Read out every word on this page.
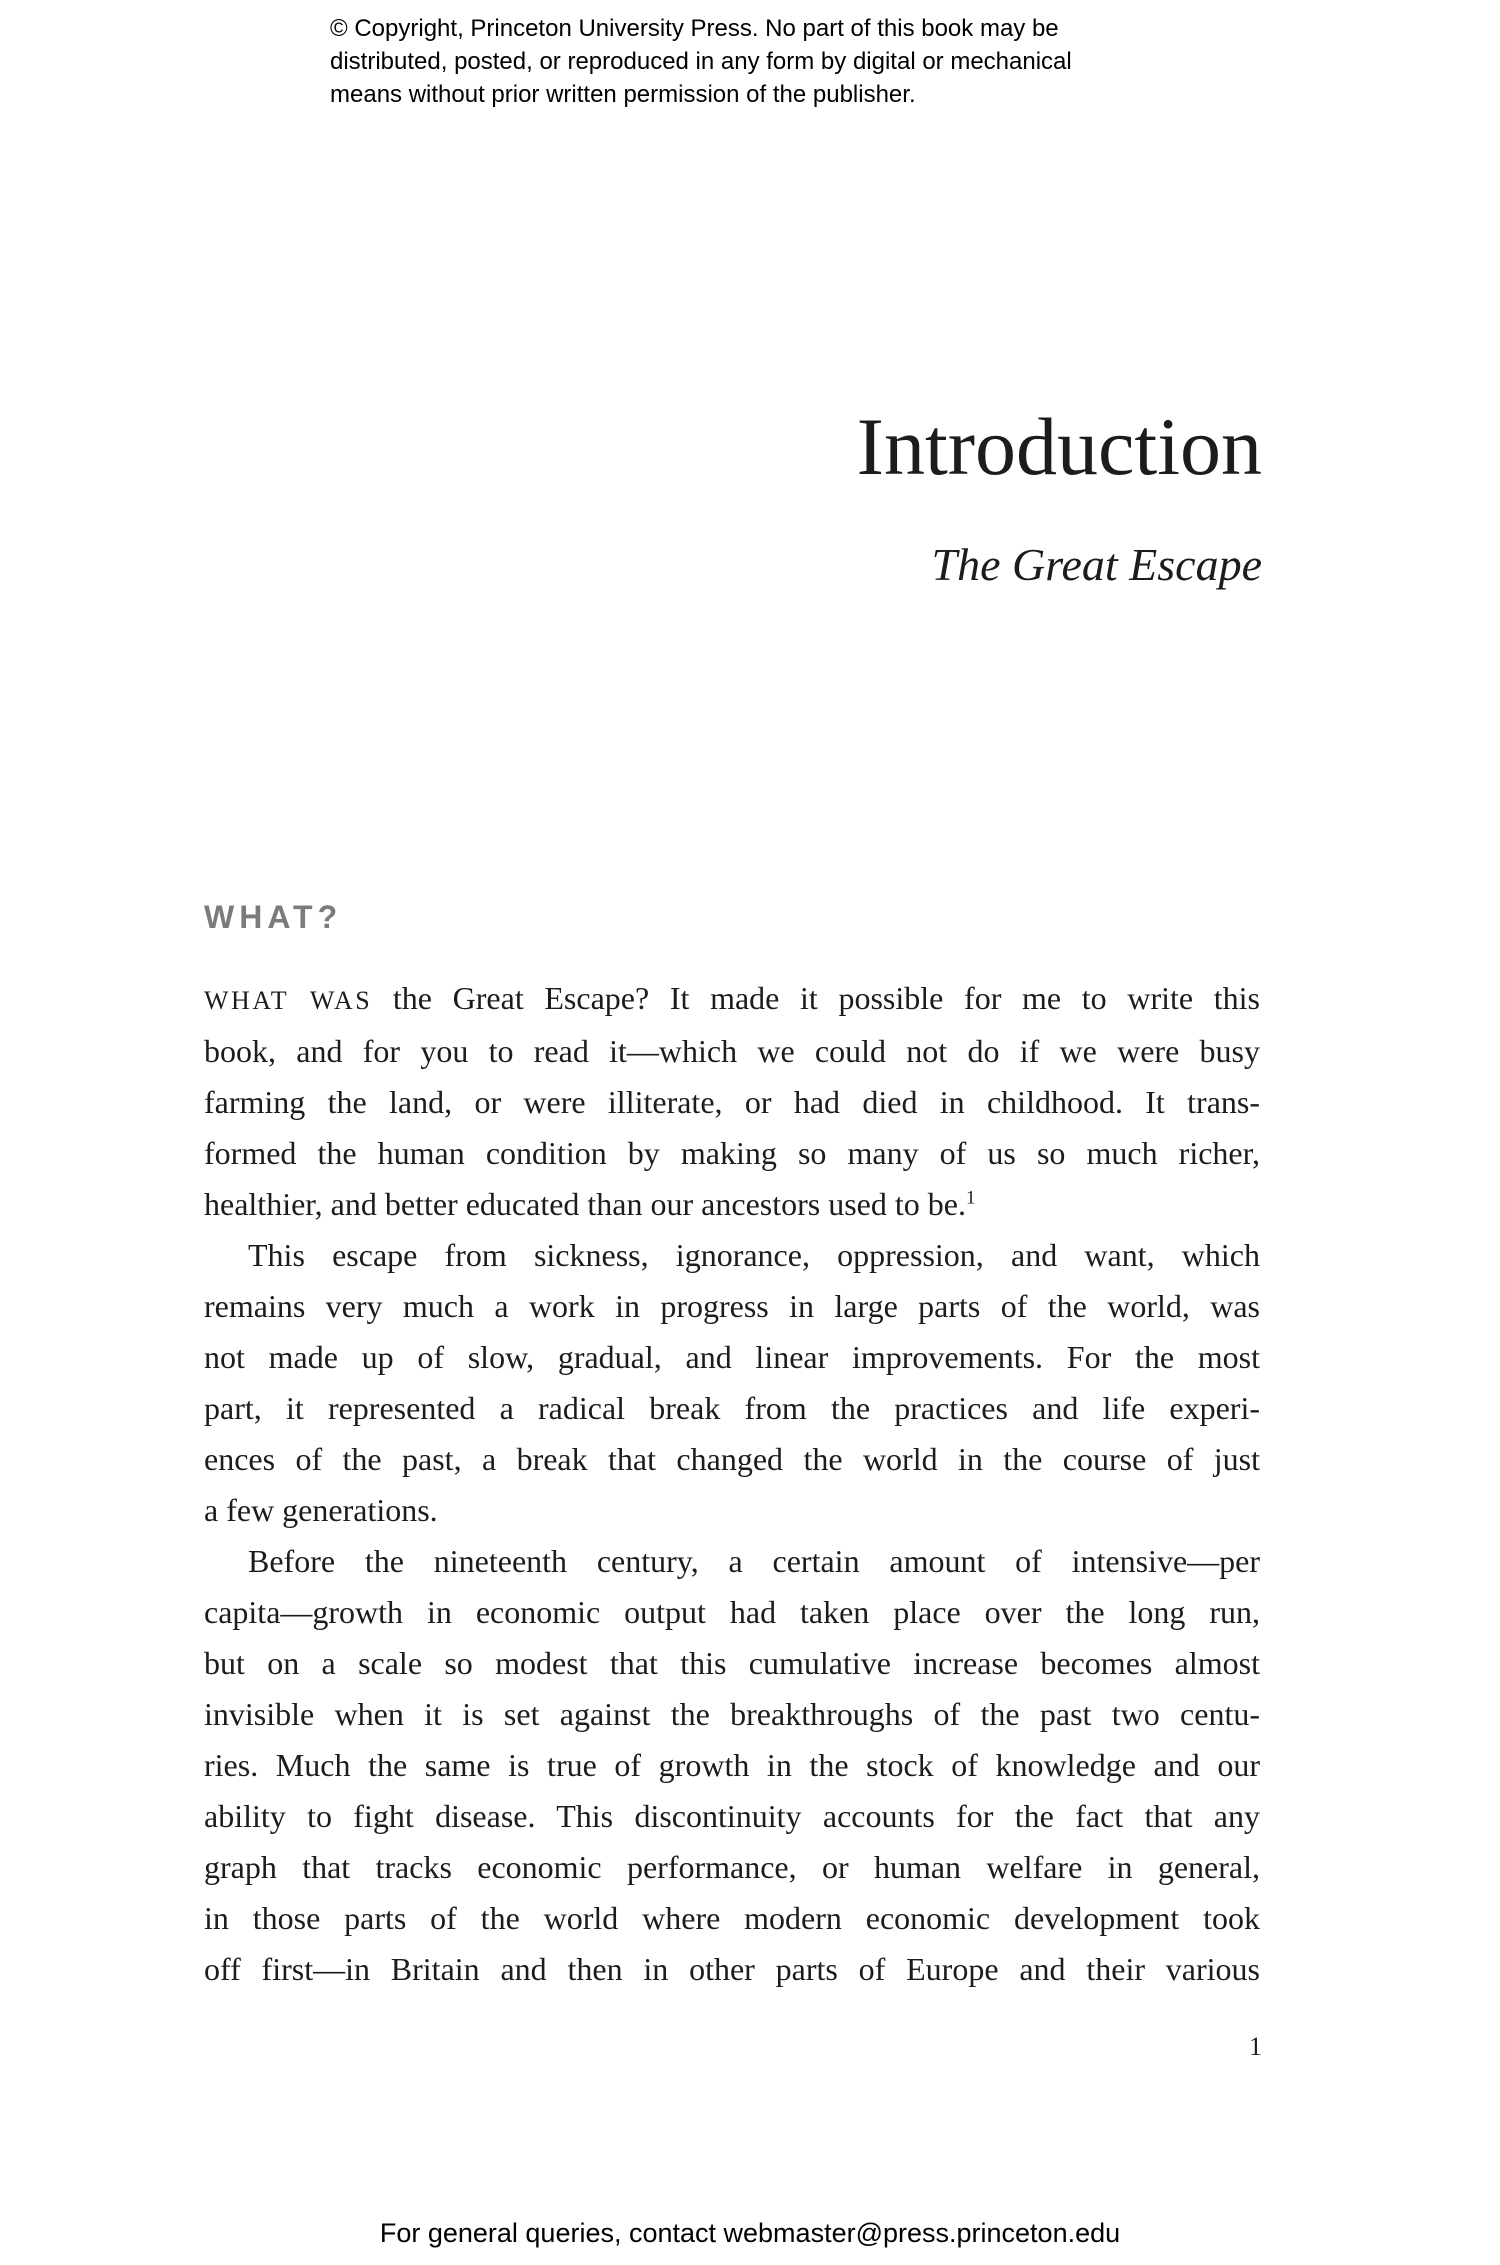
© Copyright, Princeton University Press. No part of this book may be
distributed, posted, or reproduced in any form by digital or mechanical
means without prior written permission of the publisher.
Introduction
The Great Escape
WHAT?
WHAT WAS the Great Escape? It made it possible for me to write this
book, and for you to read it—which we could not do if we were busy
farming the land, or were illiterate, or had died in childhood. It trans-
formed the human condition by making so many of us so much richer,
healthier, and better educated than our ancestors used to be.$^1$
This escape from sickness, ignorance, oppression, and want, which
remains very much a work in progress in large parts of the world, was
not made up of slow, gradual, and linear improvements. For the most
part, it represented a radical break from the practices and life experi-
ences of the past, a break that changed the world in the course of just
a few generations.
Before the nineteenth century, a certain amount of intensive—per
capita—growth in economic output had taken place over the long run,
but on a scale so modest that this cumulative increase becomes almost
invisible when it is set against the breakthroughs of the past two centu-
ries. Much the same is true of growth in the stock of knowledge and our
ability to fight disease. This discontinuity accounts for the fact that any
graph that tracks economic performance, or human welfare in general,
in those parts of the world where modern economic development took
off first—in Britain and then in other parts of Europe and their various
1
For general queries, contact webmaster@press.princeton.edu
